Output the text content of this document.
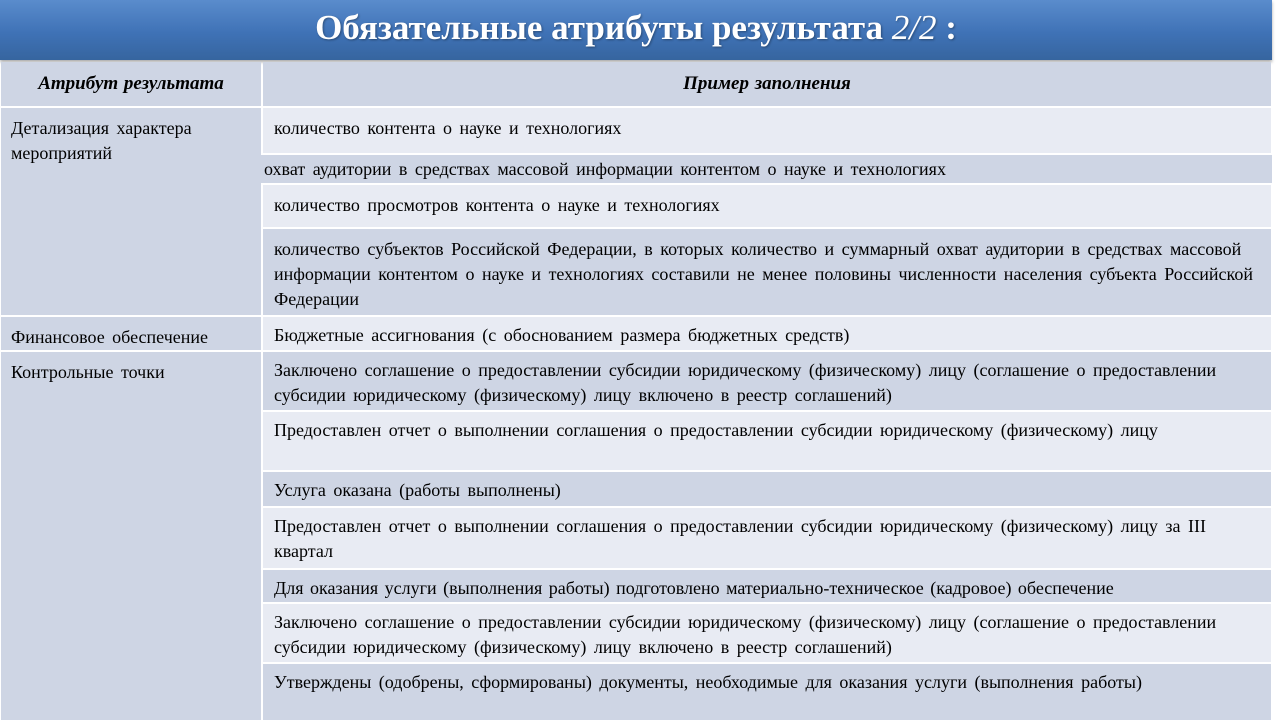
Обязательные атрибуты результата 2/2 :
Атрибут результата	Пример заполнения
Детализация характера мероприятий
Финансовое обеспечение
Контрольные точки
количество контента о науке и технологиях
охват аудитории в средствах массовой информации контентом о науке и технологиях
количество просмотров контента о науке и технологиях
количество субъектов Российской Федерации, в которых количество и суммарный охват аудитории в средствах массовой информации контентом о науке и технологиях составили не менее половины численности населения субъекта Российской Федерации
Бюджетные ассигнования (с обоснованием размера бюджетных средств)
Заключено соглашение о предоставлении субсидии юридическому (физическому) лицу (соглашение о предоставлении субсидии юридическому (физическому) лицу включено в реестр соглашений)
Предоставлен отчет о выполнении соглашения о предоставлении субсидии юридическому (физическому) лицу
Услуга оказана (работы выполнены)
Предоставлен отчет о выполнении соглашения о предоставлении субсидии юридическому (физическому) лицу за III квартал
Для оказания услуги (выполнения работы) подготовлено материально-техническое (кадровое) обеспечение
Заключено соглашение о предоставлении субсидии юридическому (физическому) лицу (соглашение о предоставлении субсидии юридическому (физическому) лицу включено в реестр соглашений)
Утверждены (одобрены, сформированы) документы, необходимые для оказания услуги (выполнения работы)
